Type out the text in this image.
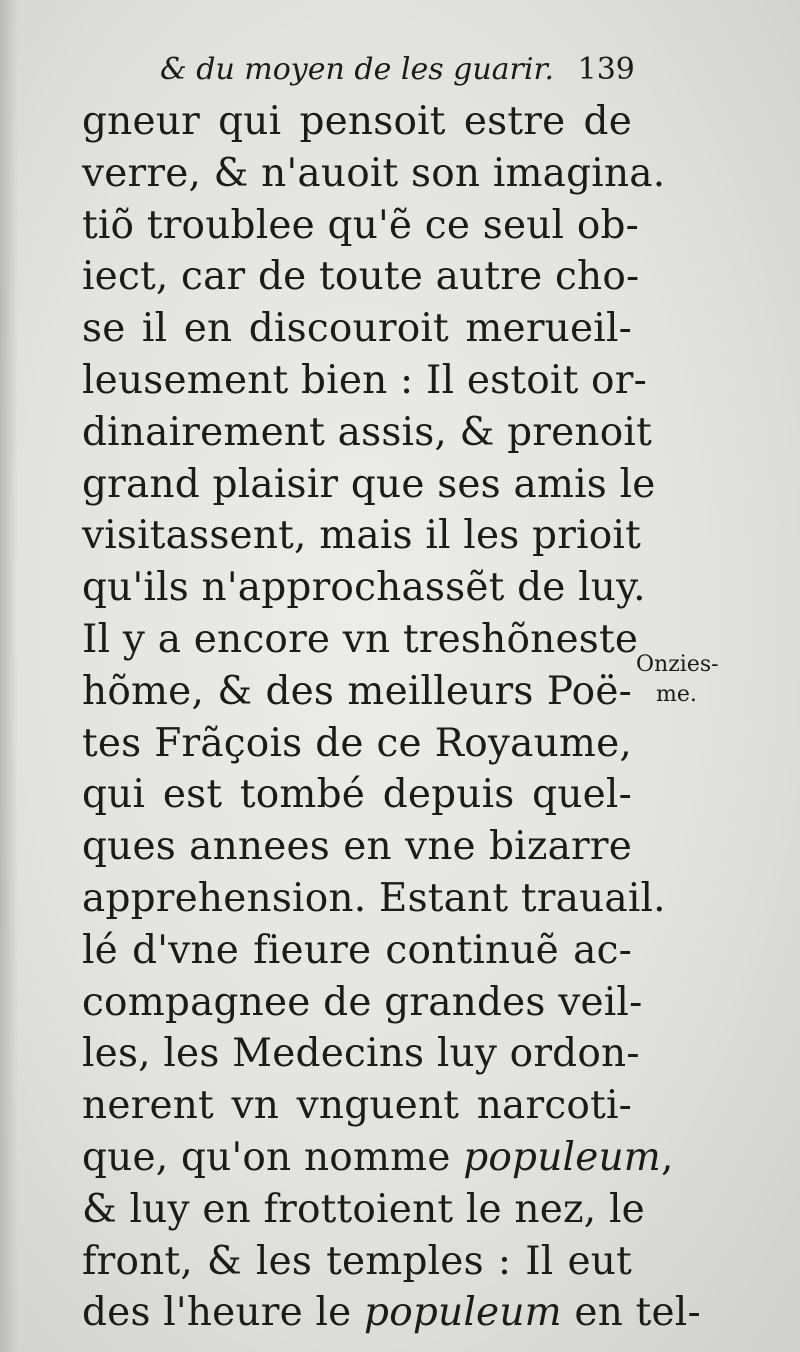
& du moyen de les guarir. 139
gneur qui pensoit estre de
verre, & n'auoit son imagina.
tiõ troublee qu'ẽ ce seul ob-
iect, car de toute autre cho-
se il en discouroit merueil-
leusement bien : Il estoit or-
dinairement assis, & prenoit
grand plaisir que ses amis le
visitassent, mais il les prioit
qu'ils n'approchassẽt de luy.
Il y a encore vn treshõneste
hõme, & des meilleurs Poë-
tes Frãçois de ce Royaume,
qui est tombé depuis quel-
ques annees en vne bizarre
apprehension. Estant trauail.
lé d'vne fieure continuẽ ac-
compagnee de grandes veil-
les, les Medecins luy ordon-
nerent vn vnguent narcoti-
que, qu'on nomme populeum,
& luy en frottoient le nez, le
front, & les temples : Il eut
des l'heure le populeum en tel-
Onzies-
me.
